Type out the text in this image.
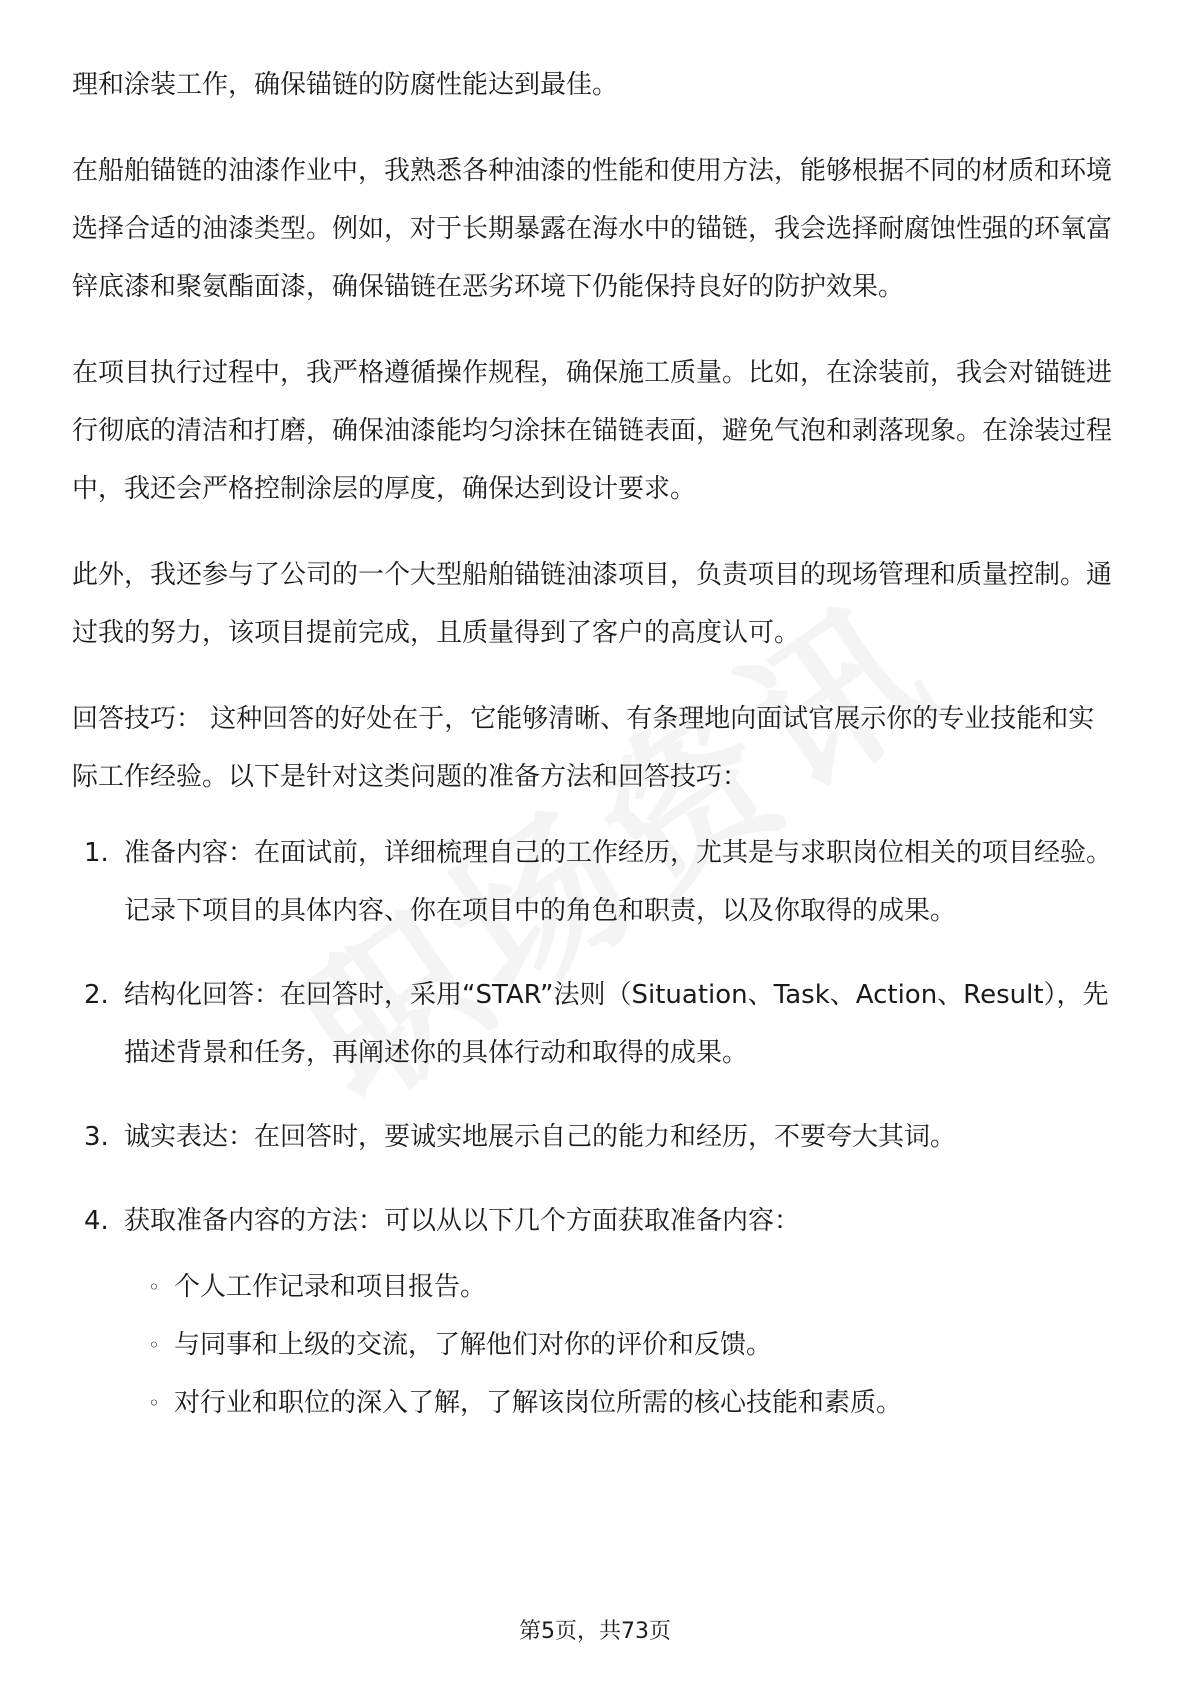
理和涂装工作，确保锚链的防腐性能达到最佳。

在船舶锚链的油漆作业中，我熟悉各种油漆的性能和使用方法，能够根据不同的材质和环境选择合适的油漆类型。例如，对于长期暴露在海水中的锚链，我会选择耐腐蚀性强的环氧富锌底漆和聚氨酯面漆，确保锚链在恶劣环境下仍能保持良好的防护效果。

在项目执行过程中，我严格遵循操作规程，确保施工质量。比如，在涂装前，我会对锚链进行彻底的清洁和打磨，确保油漆能均匀涂抹在锚链表面，避免气泡和剥落现象。在涂装过程中，我还会严格控制涂层的厚度，确保达到设计要求。

此外，我还参与了公司的一个大型船舶锚链油漆项目，负责项目的现场管理和质量控制。通过我的努力，该项目提前完成，且质量得到了客户的高度认可。

回答技巧： 这种回答的好处在于，它能够清晰、有条理地向面试官展示你的专业技能和实际工作经验。以下是针对这类问题的准备方法和回答技巧：

1. 准备内容：在面试前，详细梳理自己的工作经历，尤其是与求职岗位相关的项目经验。记录下项目的具体内容、你在项目中的角色和职责，以及你取得的成果。
2. 结构化回答：在回答时，采用“STAR”法则（Situation、Task、Action、Result），先描述背景和任务，再阐述你的具体行动和取得的成果。
3. 诚实表达：在回答时，要诚实地展示自己的能力和经历，不要夸大其词。
4. 获取准备内容的方法：可以从以下几个方面获取准备内容：
◦ 个人工作记录和项目报告。
◦ 与同事和上级的交流，了解他们对你的评价和反馈。
◦ 对行业和职位的深入了解，了解该岗位所需的核心技能和素质。
第5页，共73页
